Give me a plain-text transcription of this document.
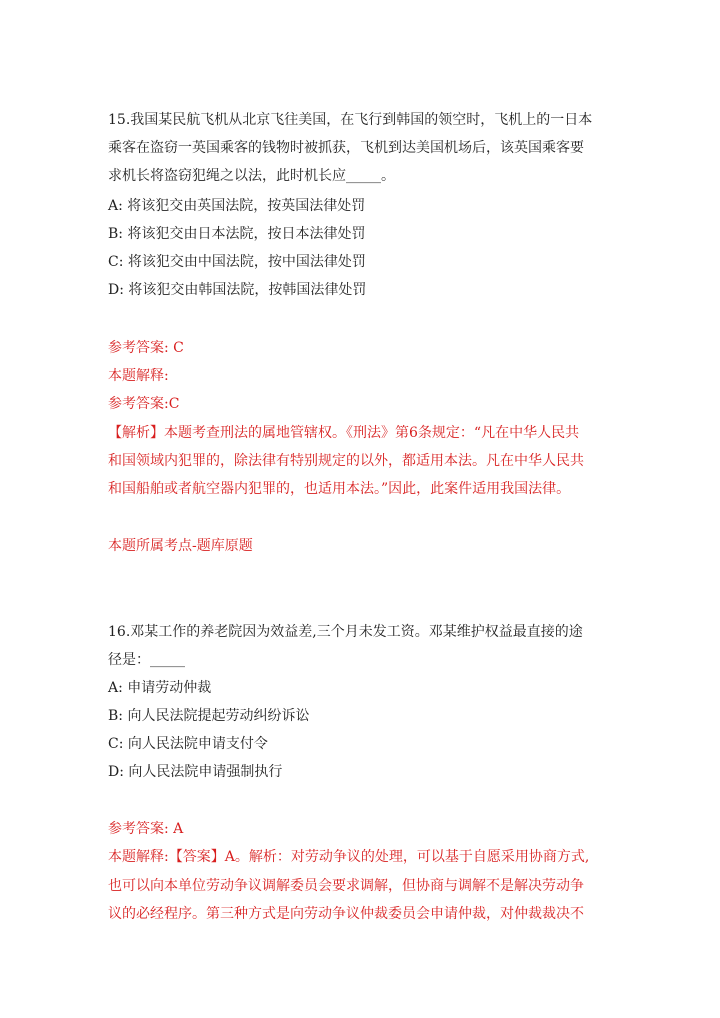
15.我国某民航飞机从北京飞往美国，在飞行到韩国的领空时，飞机上的一日本
乘客在盗窃一英国乘客的钱物时被抓获，飞机到达美国机场后，该英国乘客要
求机长将盗窃犯绳之以法，此时机长应_____。
A: 将该犯交由英国法院，按英国法律处罚
B: 将该犯交由日本法院，按日本法律处罚
C: 将该犯交由中国法院，按中国法律处罚
D: 将该犯交由韩国法院，按韩国法律处罚
参考答案: C
本题解释:
参考答案:C
【解析】本题考查刑法的属地管辖权。《刑法》第6条规定：“凡在中华人民共
和国领域内犯罪的，除法律有特别规定的以外，都适用本法。凡在中华人民共
和国船舶或者航空器内犯罪的，也适用本法。”因此，此案件适用我国法律。
本题所属考点-题库原题
16.邓某工作的养老院因为效益差,三个月未发工资。邓某维护权益最直接的途
径是：_____
A: 申请劳动仲裁
B: 向人民法院提起劳动纠纷诉讼
C: 向人民法院申请支付令
D: 向人民法院申请强制执行
参考答案: A
本题解释:【答案】A。解析：对劳动争议的处理，可以基于自愿采用协商方式,
也可以向本单位劳动争议调解委员会要求调解，但协商与调解不是解决劳动争
议的必经程序。第三种方式是向劳动争议仲裁委员会申请仲裁，对仲裁裁决不
